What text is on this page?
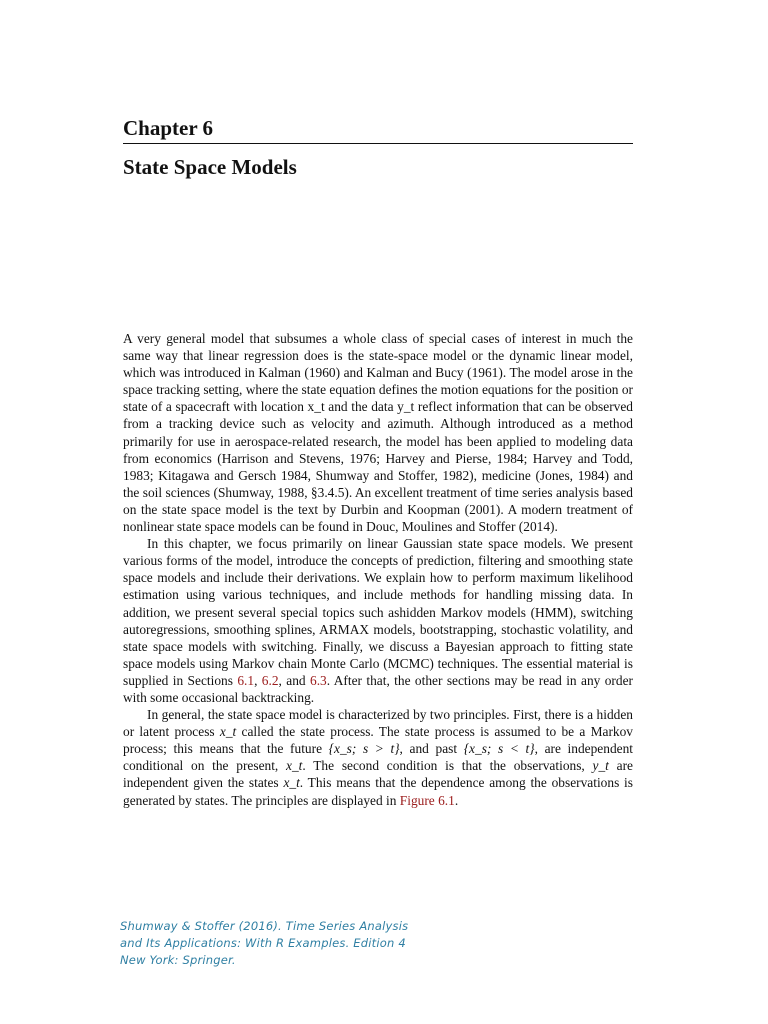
Chapter 6
State Space Models

A very general model that subsumes a whole class of special cases of interest in much the same way that linear regression does is the state-space model or the dynamic linear model, which was introduced in Kalman (1960) and Kalman and Bucy (1961). The model arose in the space tracking setting, where the state equation defines the motion equations for the position or state of a spacecraft with location x_t and the data y_t reflect information that can be observed from a tracking device such as velocity and azimuth. Although introduced as a method primarily for use in aerospace-related research, the model has been applied to modeling data from economics (Harrison and Stevens, 1976; Harvey and Pierse, 1984; Harvey and Todd, 1983; Kitagawa and Gersch 1984, Shumway and Stoffer, 1982), medicine (Jones, 1984) and the soil sciences (Shumway, 1988, §3.4.5). An excellent treatment of time series analysis based on the state space model is the text by Durbin and Koopman (2001). A modern treatment of nonlinear state space models can be found in Douc, Moulines and Stoffer (2014).

In this chapter, we focus primarily on linear Gaussian state space models. We present various forms of the model, introduce the concepts of prediction, filtering and smoothing state space models and include their derivations. We explain how to perform maximum likelihood estimation using various techniques, and include methods for handling missing data. In addition, we present several special topics such ashidden Markov models (HMM), switching autoregressions, smoothing splines, ARMAX models, bootstrapping, stochastic volatility, and state space models with switching. Finally, we discuss a Bayesian approach to fitting state space models using Markov chain Monte Carlo (MCMC) techniques. The essential material is supplied in Sections 6.1, 6.2, and 6.3. After that, the other sections may be read in any order with some occasional backtracking.

In general, the state space model is characterized by two principles. First, there is a hidden or latent process x_t called the state process. The state process is assumed to be a Markov process; this means that the future {x_s; s > t}, and past {x_s; s < t}, are independent conditional on the present, x_t. The second condition is that the observations, y_t are independent given the states x_t. This means that the dependence among the observations is generated by states. The principles are displayed in Figure 6.1.

Shumway & Stoffer (2016). Time Series Analysis
and Its Applications: With R Examples. Edition 4
New York: Springer.
